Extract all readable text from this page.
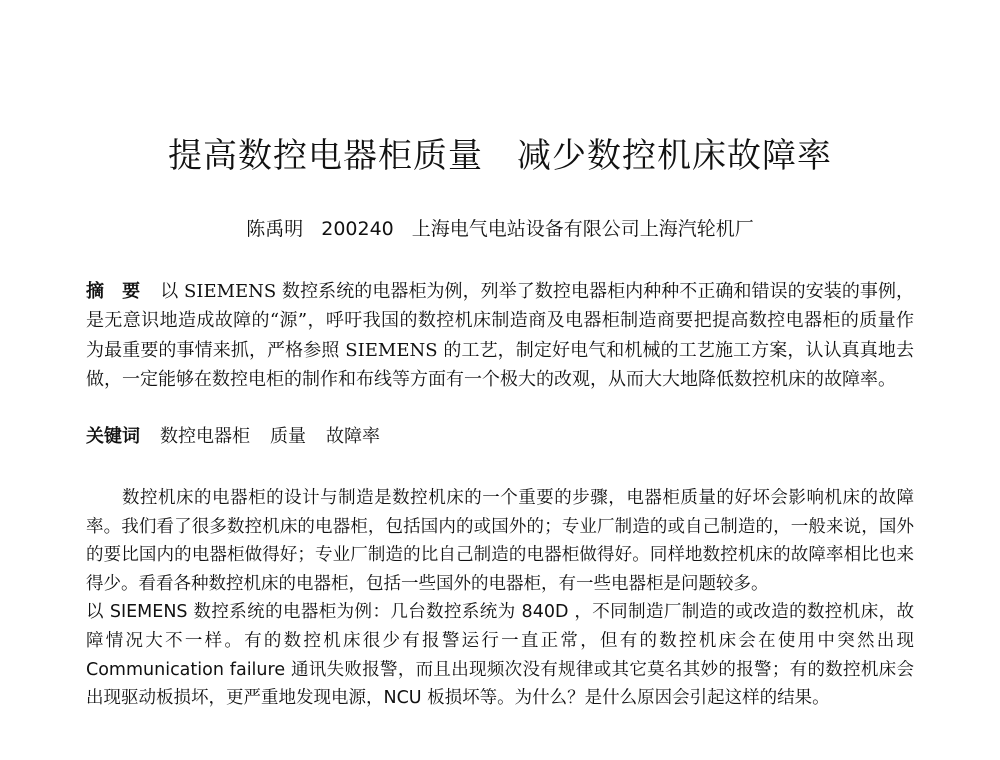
提高数控电器柜质量 减少数控机床故障率
陈禹明 200240 上海电气电站设备有限公司上海汽轮机厂

摘 要 以 SIEMENS 数控系统的电器柜为例，列举了数控电器柜内种种不正确和错误的安装的事例，是无意识地造成故障的“源”，呼吁我国的数控机床制造商及电器柜制造商要把提高数控电器柜的质量作为最重要的事情来抓，严格参照 SIEMENS 的工艺，制定好电气和机械的工艺施工方案，认认真真地去做，一定能够在数控电柜的制作和布线等方面有一个极大的改观，从而大大地降低数控机床的故障率。

关键词 数控电器柜 质量 故障率

数控机床的电器柜的设计与制造是数控机床的一个重要的步骤，电器柜质量的好坏会影响机床的故障率。我们看了很多数控机床的电器柜，包括国内的或国外的；专业厂制造的或自己制造的，一般来说，国外的要比国内的电器柜做得好；专业厂制造的比自己制造的电器柜做得好。同样地数控机床的故障率相比也来得少。看看各种数控机床的电器柜，包括一些国外的电器柜，有一些电器柜是问题较多。

以 SIEMENS 数控系统的电器柜为例：几台数控系统为 840D ，不同制造厂制造的或改造的数控机床，故障情况大不一样。有的数控机床很少有报警运行一直正常，但有的数控机床会在使用中突然出现 Communication failure 通讯失败报警，而且出现频次没有规律或其它莫名其妙的报警；有的数控机床会出现驱动板损坏，更严重地发现电源，NCU 板损坏等。为什么？是什么原因会引起这样的结果。
